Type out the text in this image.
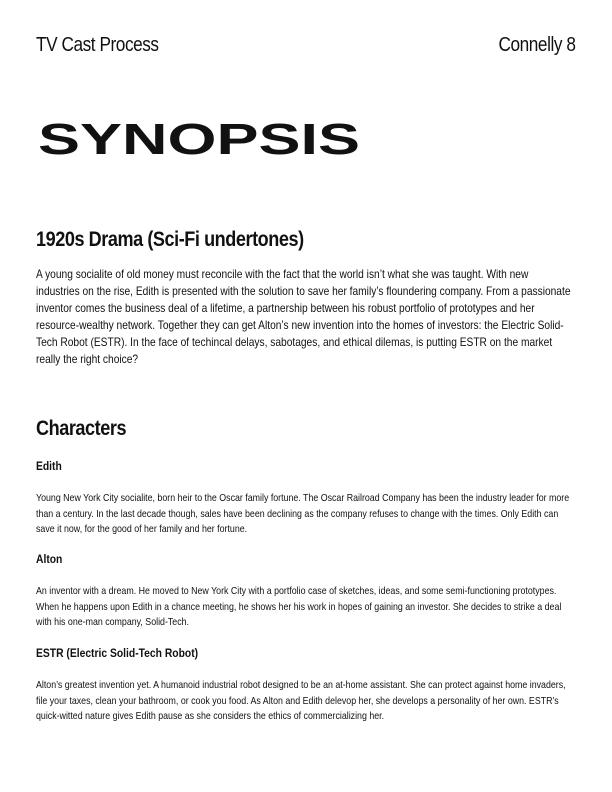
TV Cast Process	Connelly 8
SYNOPSIS
1920s Drama (Sci-Fi undertones)

A young socialite of old money must reconcile with the fact that the world isn’t what she was taught. With new industries on the rise, Edith is presented with the solution to save her family’s floundering company. From a passionate inventor comes the business deal of a lifetime, a partnership between his robust portfolio of prototypes and her resource-wealthy network. Together they can get Alton’s new invention into the homes of investors: the Electric Solid-Tech Robot (ESTR). In the face of techincal delays, sabotages, and ethical dilemas, is putting ESTR on the market really the right choice?

Characters
Edith
Young New York City socialite, born heir to the Oscar family fortune. The Oscar Railroad Company has been the industry leader for more than a century. In the last decade though, sales have been declining as the company refuses to change with the times. Only Edith can save it now, for the good of her family and her fortune.
Alton
An inventor with a dream. He moved to New York City with a portfolio case of sketches, ideas, and some semi-functioning prototypes. When he happens upon Edith in a chance meeting, he shows her his work in hopes of gaining an investor. She decides to strike a deal with his one-man company, Solid-Tech.
ESTR (Electric Solid-Tech Robot)
Alton’s greatest invention yet. A humanoid industrial robot designed to be an at-home assistant. She can protect against home invaders, file your taxes, clean your bathroom, or cook you food. As Alton and Edith delevop her, she develops a personality of her own. ESTR’s quick-witted nature gives Edith pause as she considers the ethics of commercializing her.
